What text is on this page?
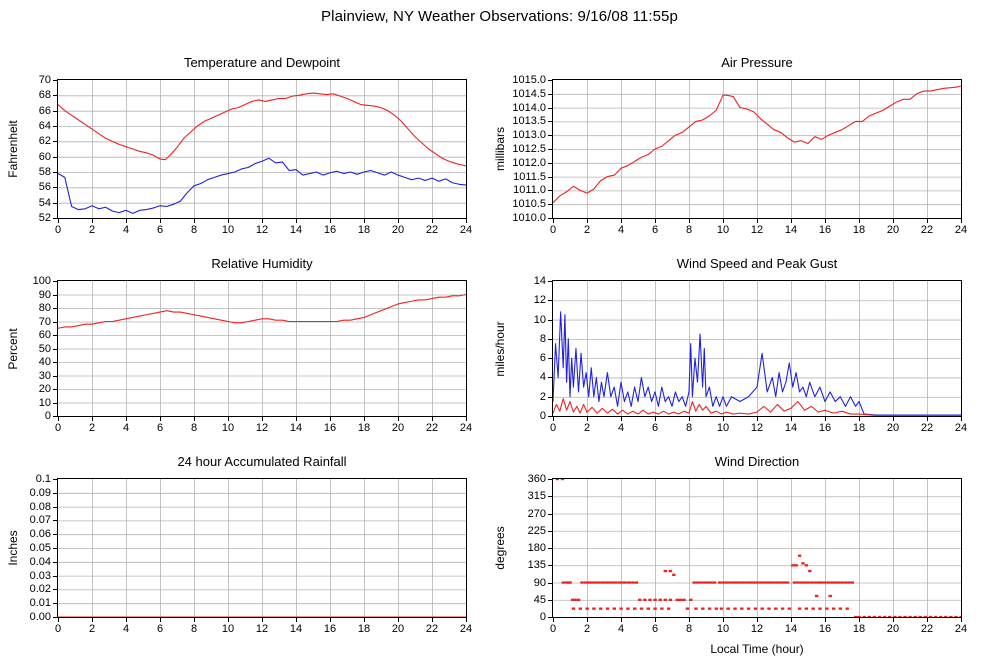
Plainview, NY Weather Observations: 9/16/08 11:55p
Temperature and Dewpoint
Fahrenheit
52
54
56
58
60
62
64
66
68
70
0	2	4	6	8 10 12 14 16 18 20 22 24
Air Pressure
millibars
1010.0
1010.5
1011.0
1011.5
1012.0
1012.5
1013.0
1013.5
1014.0
1014.5
1015.0
0	2	4	6	8 10 12 14 16 18 20 22 24
Relative Humidity
Percent
0
10
20
30
40
50
60
70
80
90
100
0	2	4	6	8 10 12 14 16 18 20 22 24
Wind Speed and Peak Gust
miles/hour
0
2
4
6
8
10
12
14
0	2	4	6	8 10 12 14 16 18 20 22 24
24 hour Accumulated Rainfall
Inches
0.00
0.01
0.02
0.03
0.04
0.05
0.06
0.07
0.08
0.09
0.1
0	2	4	6	8 10 12 14 16 18 20 22 24
Wind Direction
degrees
0
45
90
135
180
225
270
315
360
0	2	4	6	8 10 12 14 16 18 20 22 24
Local Time (hour)
